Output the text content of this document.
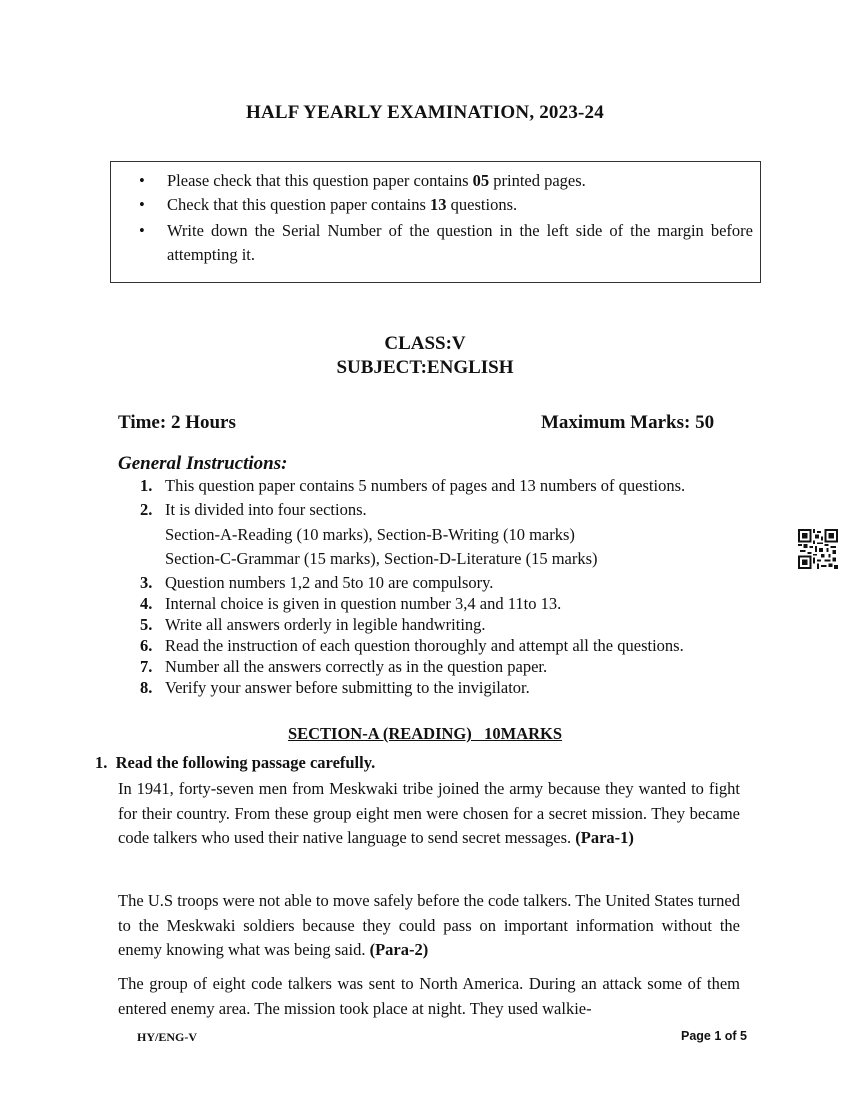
HALF YEARLY EXAMINATION, 2023-24
• Please check that this question paper contains 05 printed pages.
• Check that this question paper contains 13 questions.
• Write down the Serial Number of the question in the left side of the margin before attempting it.
CLASS:V
SUBJECT:ENGLISH
Time: 2 Hours	Maximum Marks: 50
General Instructions:
1. This question paper contains 5 numbers of pages and 13 numbers of questions.
2. It is divided into four sections.
Section-A-Reading (10 marks), Section-B-Writing (10 marks)
Section-C-Grammar (15 marks), Section-D-Literature (15 marks)
3. Question numbers 1,2 and 5to 10 are compulsory.
4. Internal choice is given in question number 3,4 and 11to 13.
5. Write all answers orderly in legible handwriting.
6. Read the instruction of each question thoroughly and attempt all the questions.
7. Number all the answers correctly as in the question paper.
8. Verify your answer before submitting to the invigilator.
SECTION-A (READING)   10MARKS
1. Read the following passage carefully.
In 1941, forty-seven men from Meskwaki tribe joined the army because they wanted to fight for their country. From these group eight men were chosen for a secret mission. They became code talkers who used their native language to send secret messages. (Para-1)
The U.S troops were not able to move safely before the code talkers. The United States turned to the Meskwaki soldiers because they could pass on important information without the enemy knowing what was being said. (Para-2)
The group of eight code talkers was sent to North America. During an attack some of them entered enemy area. The mission took place at night. They used walkie-
HY/ENG-V	Page 1 of 5
